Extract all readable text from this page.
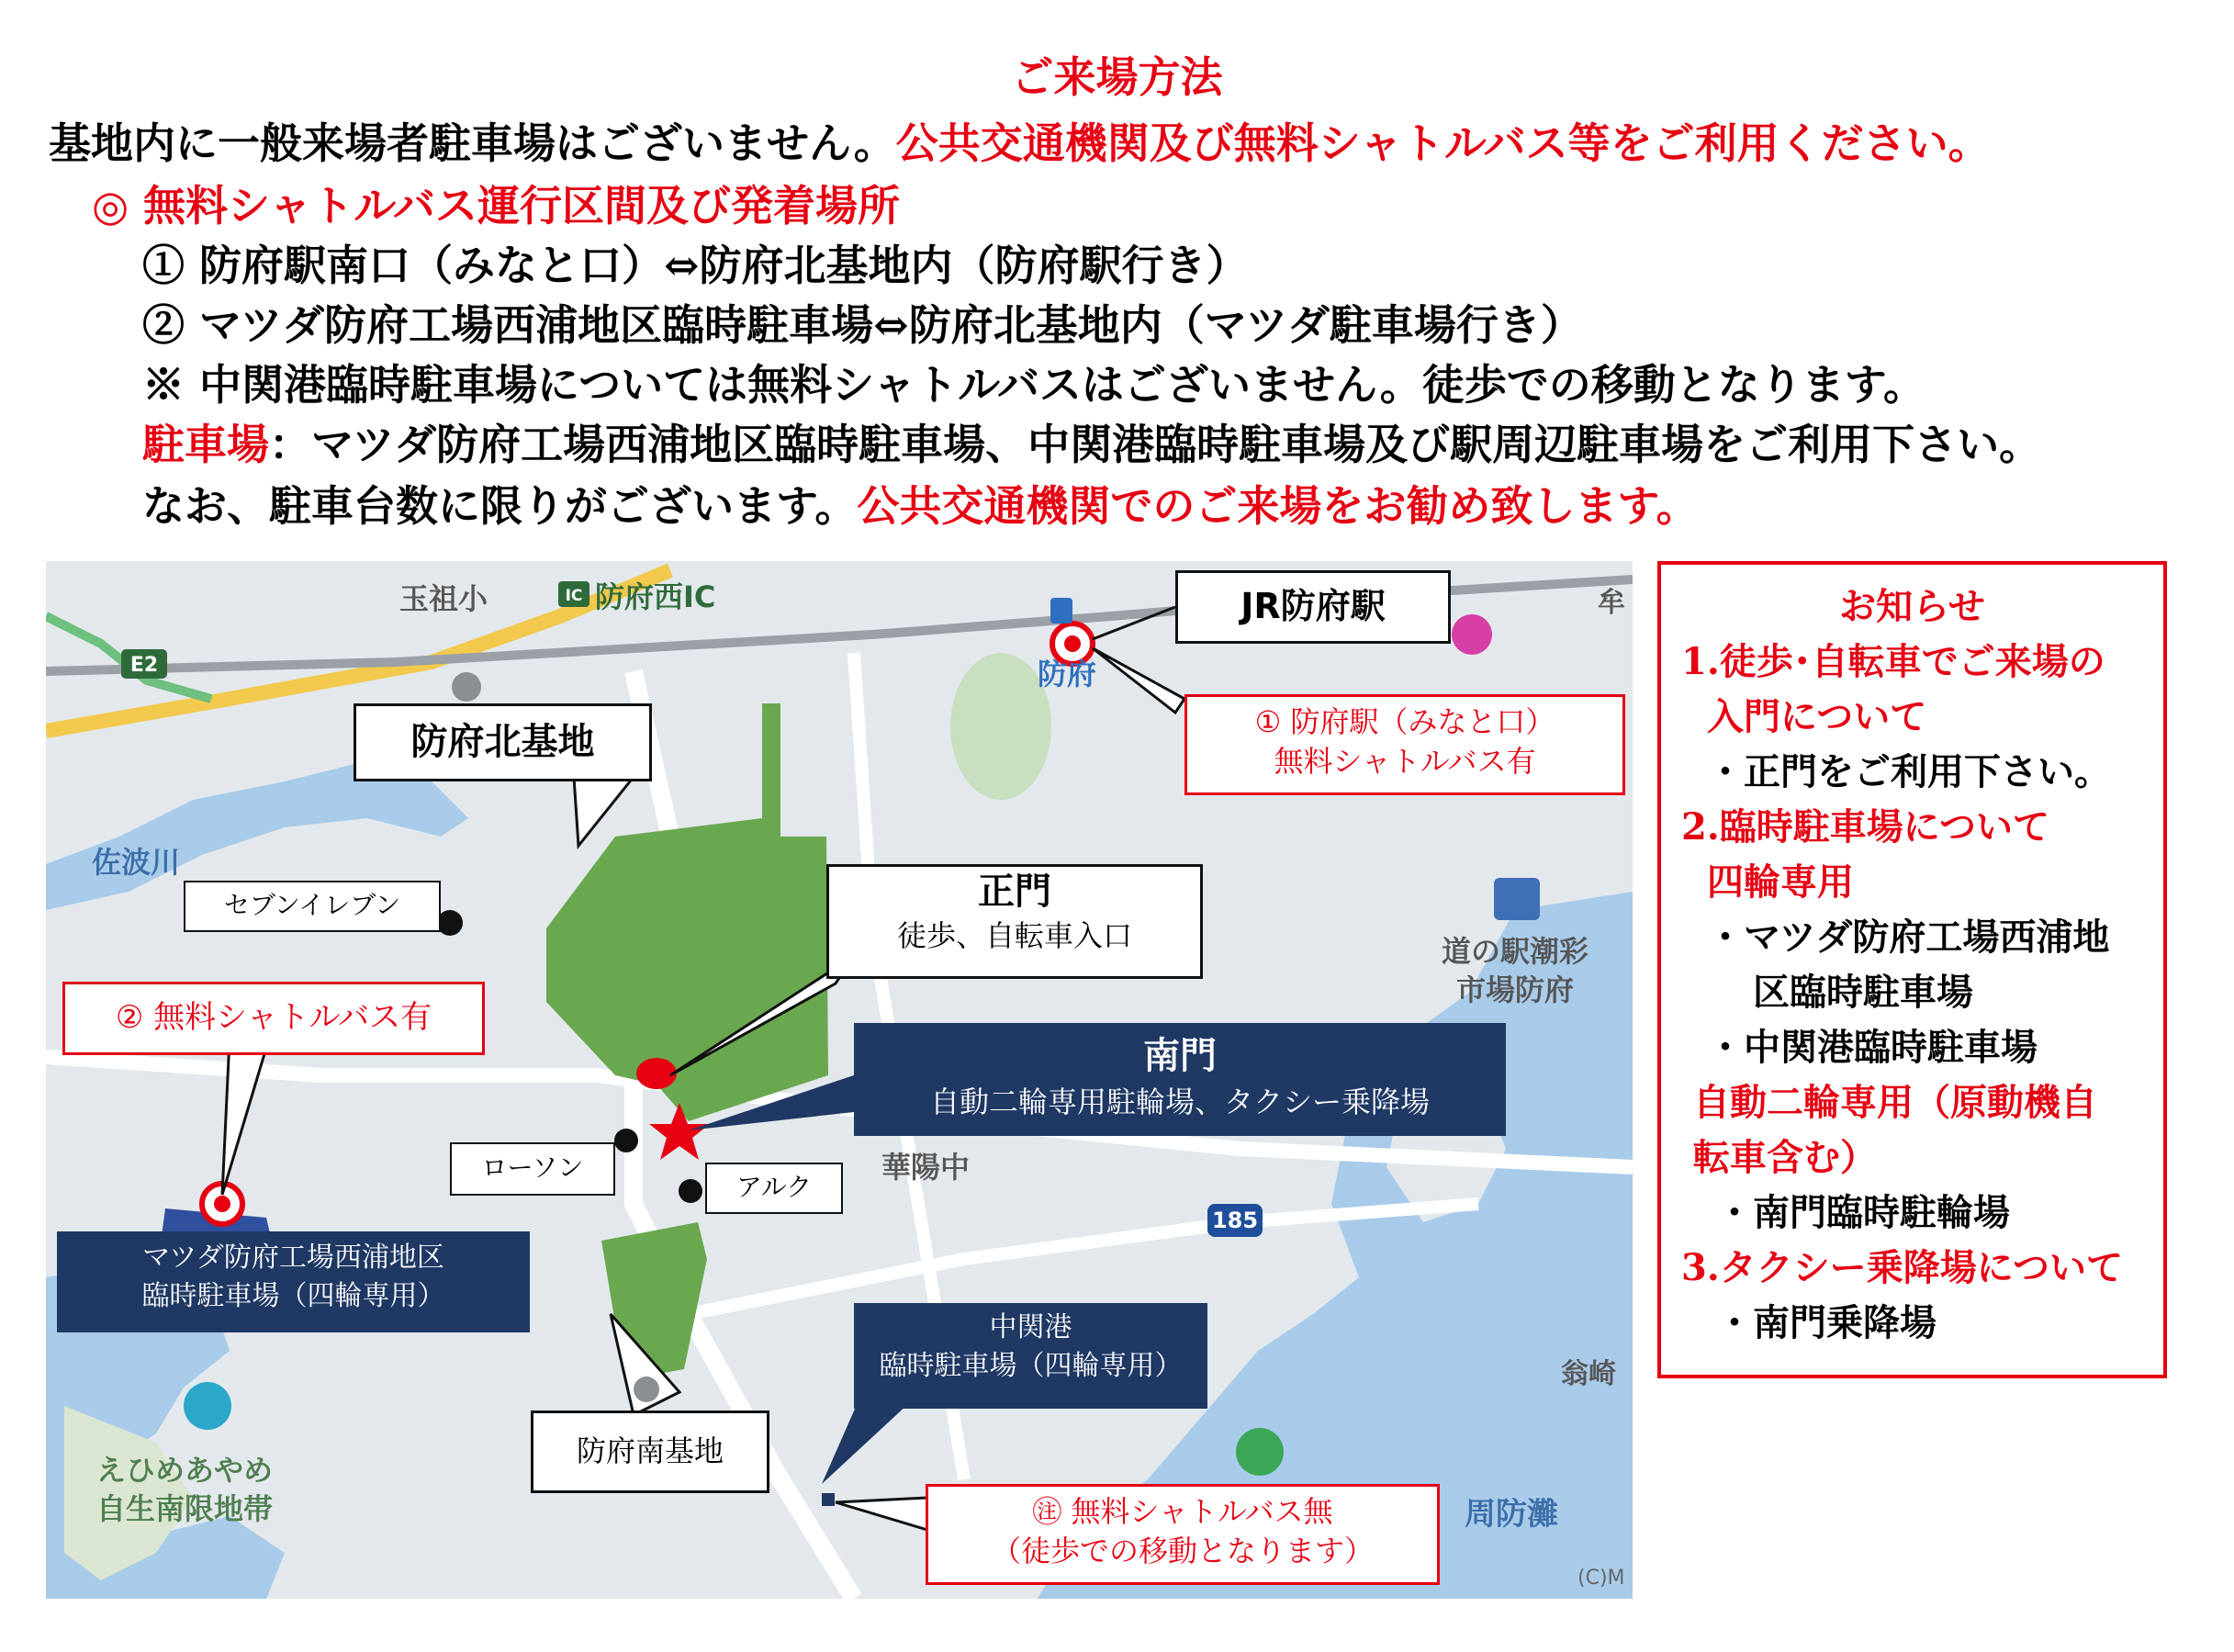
ご来場方法
基地内に一般来場者駐車場はございません。公共交通機関及び無料シャトルバス等をご利用ください。
◎ 無料シャトルバス運行区間及び発着場所
① 防府駅南口（みなと口）⇔防府北基地内（防府駅行き）
② マツダ防府工場西浦地区臨時駐車場⇔防府北基地内（マツダ駐車場行き）
※ 中関港臨時駐車場については無料シャトルバスはございません。徒歩での移動となります。
駐車場：マツダ防府工場西浦地区臨時駐車場、中関港臨時駐車場及び駅周辺駐車場をご利用下さい。
なお、駐車台数に限りがございます。公共交通機関でのご来場をお勧め致します。
185
E2
IC
玉祖小	防府西IC
防府
佐波川
道の駅潮彩
市場防府
華陽中
えひめあやめ
自生南限地帯	周防灘
翁崎
(C)M
牟
JR防府駅
① 防府駅（みなと口）
無料シャトルバス有
防府北基地
セブンイレブン	正門
徒歩、自転車入口
南門
自動二輪専用駐輪場、タクシー乗降場
② 無料シャトルバス有
ローソン
アルク
マツダ防府工場西浦地区
臨時駐車場（四輪専用）
中関港
臨時駐車場（四輪専用）
防府南基地
㊟ 無料シャトルバス無
（徒歩での移動となります）
お知らせ
1.徒歩･自転車でご来場の
入門について
・正門をご利用下さい。
2.臨時駐車場について
四輪専用
・マツダ防府工場西浦地
区臨時駐車場
・中関港臨時駐車場
自動二輪専用（原動機自
転車含む）
・南門臨時駐輪場
3.タクシー乗降場について
・南門乗降場
